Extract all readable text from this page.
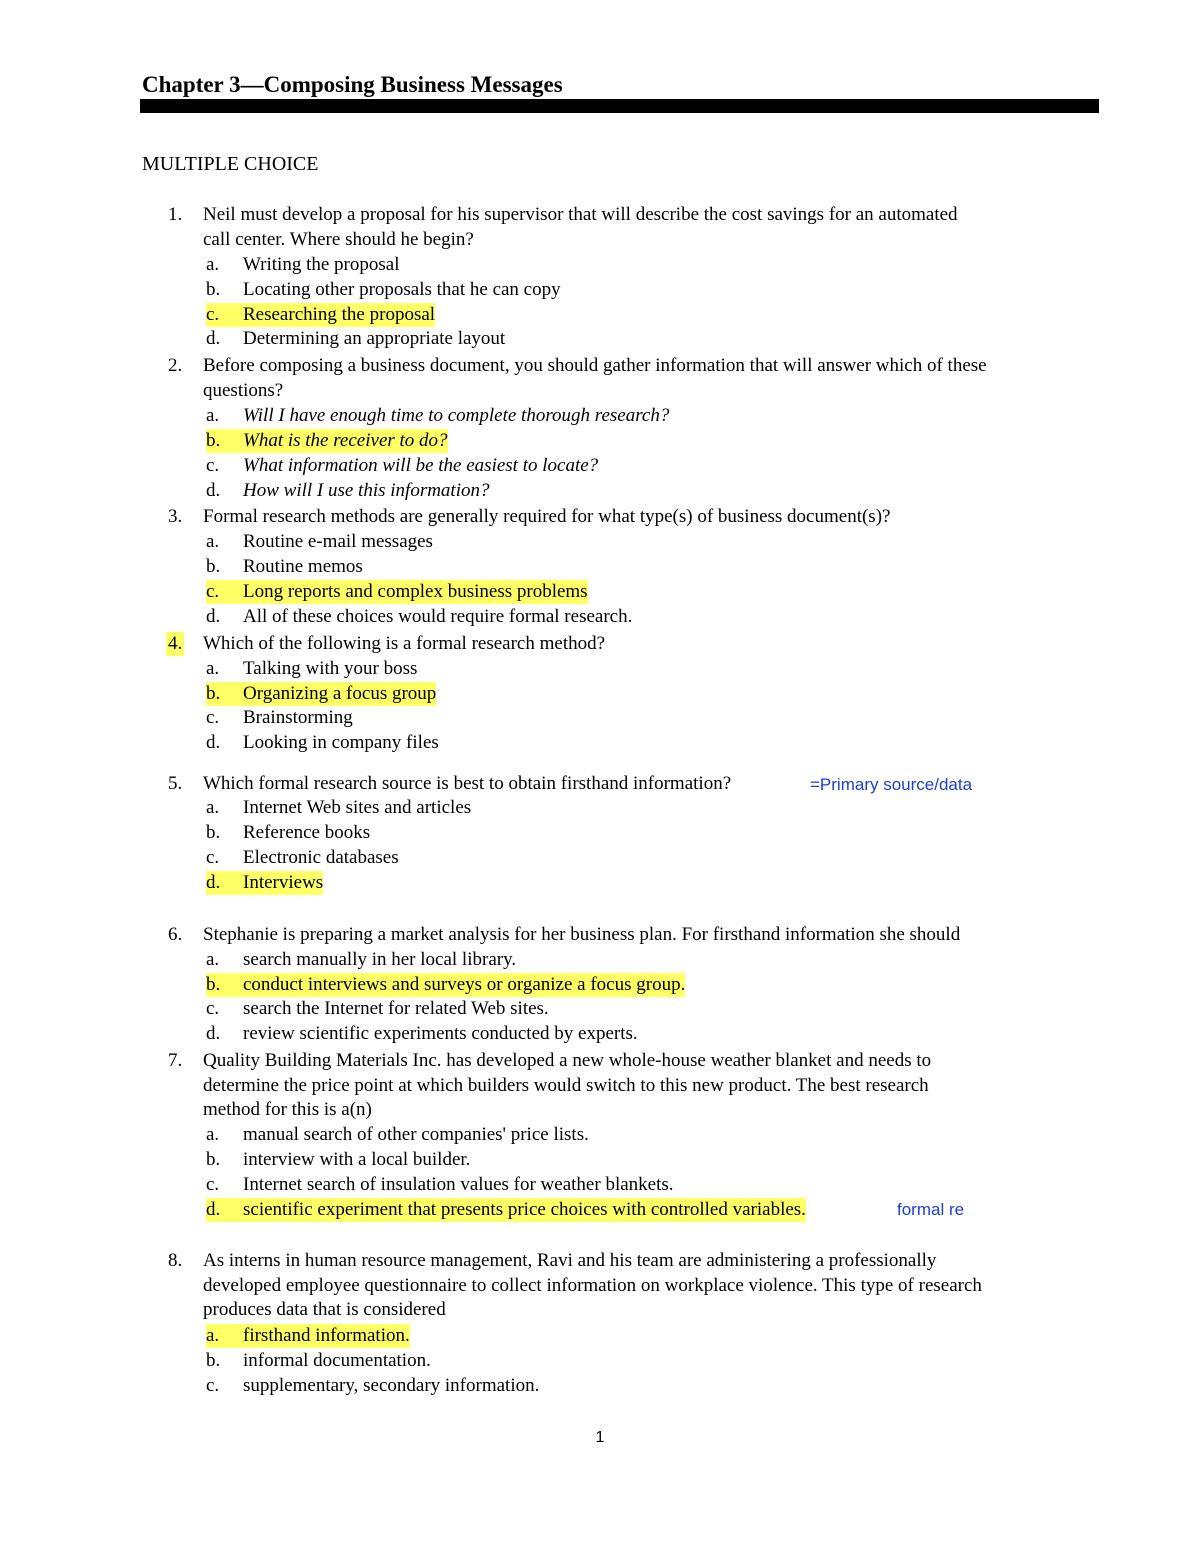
Chapter 3—Composing Business Messages
MULTIPLE CHOICE
1. Neil must develop a proposal for his supervisor that will describe the cost savings for an automated
call center. Where should he begin?
a. Writing the proposal
b. Locating other proposals that he can copy
c.	Researching the proposal
d. Determining an appropriate layout
2. Before composing a business document, you should gather information that will answer which of these
questions?
a. Will I have enough time to complete thorough research?
b.	What is the receiver to do?
c. What information will be the easiest to locate?
d. How will I use this information?
3. Formal research methods are generally required for what type(s) of business document(s)?
a. Routine e-mail messages
b. Routine memos
c.	Long reports and complex business problems
d. All of these choices would require formal research.
4. Which of the following is a formal research method?
a. Talking with your boss
b.	Organizing a focus group
c. Brainstorming
d. Looking in company files
5. Which formal research source is best to obtain firsthand information?	=Primary source/data
a. Internet Web sites and articles
b. Reference books
c. Electronic databases
d.	Interviews
6. Stephanie is preparing a market analysis for her business plan. For firsthand information she should
a. search manually in her local library.
b.	conduct interviews and surveys or organize a focus group.
c. search the Internet for related Web sites.
d. review scientific experiments conducted by experts.
7. Quality Building Materials Inc. has developed a new whole-house weather blanket and needs to
determine the price point at which builders would switch to this new product. The best research
method for this is a(n)
a. manual search of other companies' price lists.
b. interview with a local builder.
c. Internet search of insulation values for weather blankets.
d.	scientific experiment that presents price choices with controlled variables.	formal re
8. As interns in human resource management, Ravi and his team are administering a professionally
developed employee questionnaire to collect information on workplace violence. This type of research
produces data that is considered
a.	firsthand information.
b. informal documentation.
c. supplementary, secondary information.
1
